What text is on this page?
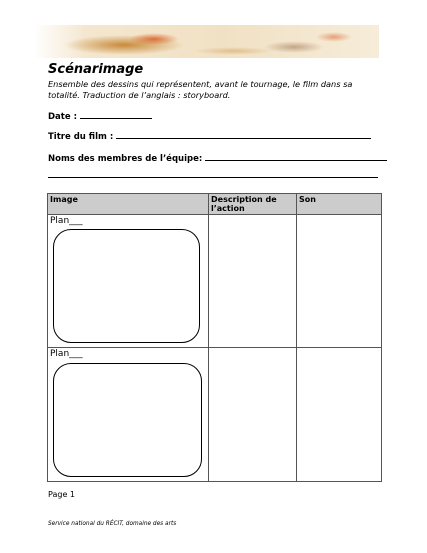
Scénarimage
Ensemble des dessins qui représentent, avant le tournage, le film dans sa totalité. Traduction de l’anglais : storyboard.
Date :
Titre du film :
Noms des membres de l’équipe:
Image	Description de l’action	Son

Plan___		

Plan___		

Page 1
Service national du RÉCIT, domaine des arts
